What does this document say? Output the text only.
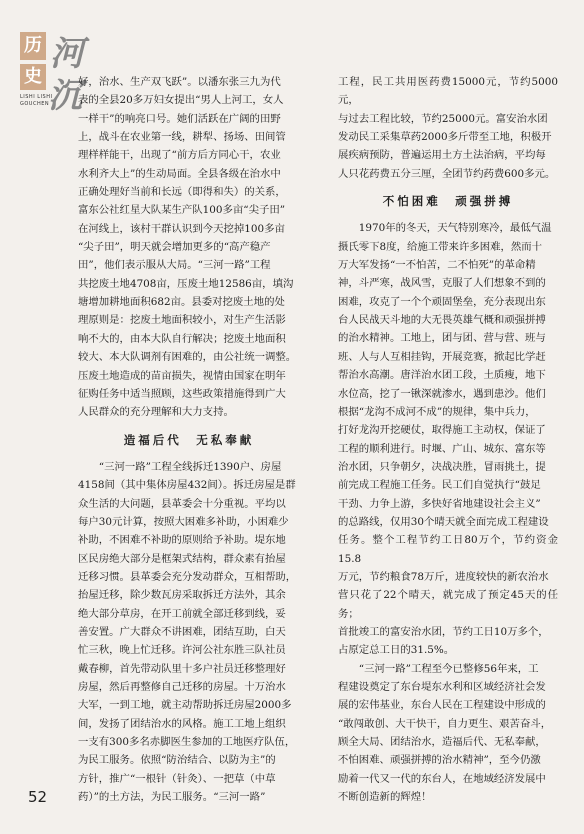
历
史
河
沉
LISHI LISHI
GOUCHEN

好，治水、生产双飞跃”。以潘东张三九为代
表的全县20多万妇女提出“男人上河工，女人
一样干”的响亮口号。她们活跃在广阔的田野
上，战斗在农业第一线，耕犁、扬场、田间管
理样样能干，出现了“前方后方同心干，农业
水利齐大上”的生动局面。全县各级在治水中
正确处理好当前和长远（即得和失）的关系，
富东公社红星大队某生产队100多亩“尖子田”
在河线上，该村干群认识到今天挖掉100多亩
“尖子田”，明天就会增加更多的“高产稳产
田”，他们表示服从大局。“三河一路”工程
共挖废土地4708亩，压废土地12586亩，填沟
塘增加耕地面积682亩。县委对挖废土地的处
理原则是：挖废土地面积较小，对生产生活影
响不大的，由本大队自行解决；挖废土地面积
较大、本大队调剂有困难的，由公社统一调整。
压废土地造成的苗亩损失，视情由国家在明年
征购任务中适当照顾，这些政策措施得到广大
人民群众的充分理解和大力支持。

造福后代　无私奉献

“三河一路”工程全线拆迁1390户、房屋
4158间（其中集体房屋432间）。拆迁房屋是群
众生活的大问题，县革委会十分重视。平均以
每户30元计算，按照大困难多补助，小困难少
补助，不困难不补助的原则给予补助。堤东地
区民房绝大部分是框架式结构，群众素有抬屋
迁移习惯。县革委会充分发动群众，互相帮助，
抬屋迁移，除少数瓦房采取拆迁方法外，其余
绝大部分草房，在开工前就全部迁移到线，妥
善安置。广大群众不讲困难，团结互助，白天
忙三秋，晚上忙迁移。许河公社东胜三队社员
戴春柳，首先带动队里十多户社员迁移整理好
房屋，然后再整修自己迁移的房屋。十万治水
大军，一到工地，就主动帮助拆迁房屋2000多
间，发扬了团结治水的风格。施工工地上组织
一支有300多名赤脚医生参加的工地医疗队伍，
为民工服务。依照“防治结合、以防为主”的
方针，推广“一根针（针灸）、一把草（中草
药）”的土方法，为民工服务。“三河一路”

工程，民工共用医药费15000元，节约5000元，
与过去工程比较，节约25000元。富安治水团
发动民工采集草药2000多斤带至工地，积极开
展疾病预防，普遍运用土方土法治病，平均每
人只花药费五分三厘，全团节约药费600多元。

不怕困难　顽强拼搏

1970年的冬天，天气特别寒冷，最低气温
摄氏零下8度，给施工带来许多困难，然而十
万大军发扬“一不怕苦，二不怕死”的革命精
神，斗严寒，战风雪，克服了人们想象不到的
困难，攻克了一个个顽固堡垒，充分表现出东
台人民战天斗地的大无畏英雄气概和顽强拼搏
的治水精神。工地上，团与团、营与营、班与
班、人与人互相挂钩，开展竞赛，掀起比学赶
帮治水高潮。唐洋治水团工段，土质瘦，地下
水位高，挖了一锹深就渗水，遇到患沙。他们
根据“龙沟不成河不成”的规律，集中兵力，
打好龙沟开挖硬仗，取得施工主动权，保证了
工程的顺利进行。时堰、广山、城东、富东等
治水团，只争朝夕，决战决胜，冒雨挑土，提
前完成工程施工任务。民工们自觉执行“鼓足
干劲、力争上游，多快好省地建设社会主义”
的总路线，仅用30个晴天就全面完成工程建设
任务。整个工程节约工日80万个，节约资金15.8
万元，节约粮食78万斤，进度较快的新农治水
营只花了22个晴天，就完成了预定45天的任务；
首批竣工的富安治水团，节约工日10万多个，
占原定总工日的31.5%。

“三河一路”工程至今已整修56年来，工
程建设奠定了东台堤东水利和区域经济社会发
展的宏伟基业，东台人民在工程建设中形成的
“敢闯敢创、大干快干，自力更生、艰苦奋斗，
顾全大局、团结治水，造福后代、无私奉献，
不怕困难、顽强拼搏的治水精神”，至今仍激
励着一代又一代的东台人，在地域经济发展中
不断创造新的辉煌！

52
